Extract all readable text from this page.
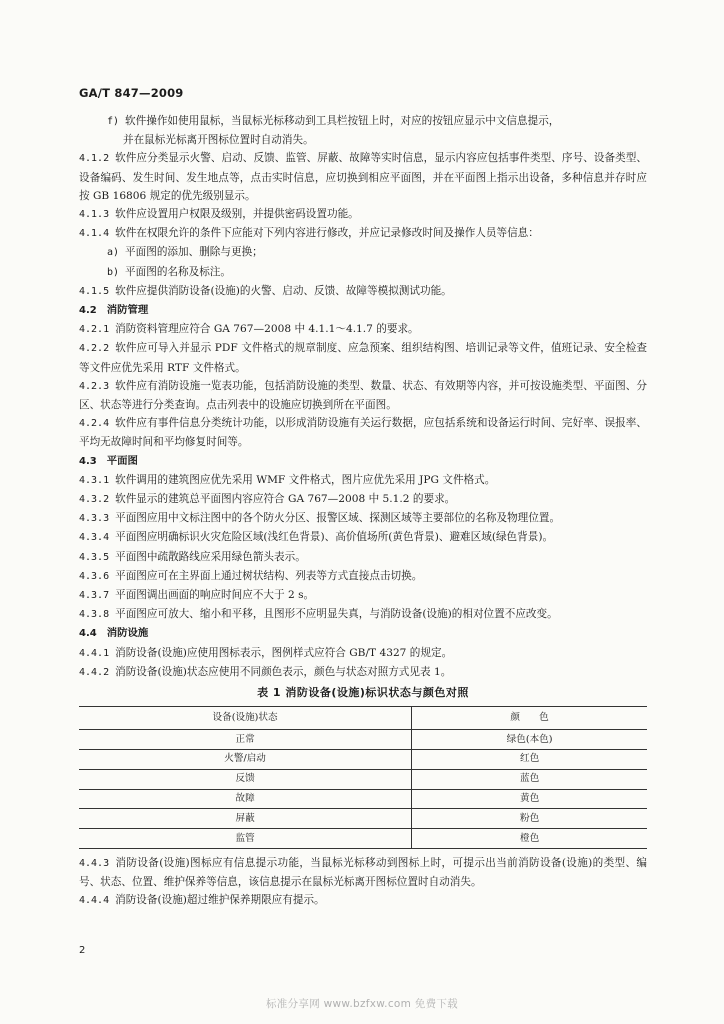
GA/T 847—2009
f) 软件操作如使用鼠标，当鼠标光标移动到工具栏按钮上时，对应的按钮应显示中文信息提示，
并在鼠标光标离开图标位置时自动消失。
4.1.2 软件应分类显示火警、启动、反馈、监管、屏蔽、故障等实时信息，显示内容应包括事件类型、序号、设备类型、设备编码、发生时间、发生地点等，点击实时信息，应切换到相应平面图，并在平面图上指示出设备，多种信息并存时应按 GB 16806 规定的优先级别显示。
4.1.3 软件应设置用户权限及级别，并提供密码设置功能。
4.1.4 软件在权限允许的条件下应能对下列内容进行修改，并应记录修改时间及操作人员等信息：
a) 平面图的添加、删除与更换；
b) 平面图的名称及标注。
4.1.5 软件应提供消防设备(设施)的火警、启动、反馈、故障等模拟测试功能。
4.2 消防管理
4.2.1 消防资料管理应符合 GA 767—2008 中 4.1.1～4.1.7 的要求。
4.2.2 软件应可导入并显示 PDF 文件格式的规章制度、应急预案、组织结构图、培训记录等文件，值班记录、安全检查等文件应优先采用 RTF 文件格式。
4.2.3 软件应有消防设施一览表功能，包括消防设施的类型、数量、状态、有效期等内容，并可按设施类型、平面图、分区、状态等进行分类查询。点击列表中的设施应切换到所在平面图。
4.2.4 软件应有事件信息分类统计功能，以形成消防设施有关运行数据，应包括系统和设备运行时间、完好率、误报率、平均无故障时间和平均修复时间等。
4.3 平面图
4.3.1 软件调用的建筑图应优先采用 WMF 文件格式，图片应优先采用 JPG 文件格式。
4.3.2 软件显示的建筑总平面图内容应符合 GA 767—2008 中 5.1.2 的要求。
4.3.3 平面图应用中文标注图中的各个防火分区、报警区域、探测区域等主要部位的名称及物理位置。
4.3.4 平面图应明确标识火灾危险区域(浅红色背景)、高价值场所(黄色背景)、避难区域(绿色背景)。
4.3.5 平面图中疏散路线应采用绿色箭头表示。
4.3.6 平面图应可在主界面上通过树状结构、列表等方式直接点击切换。
4.3.7 平面图调出画面的响应时间应不大于 2 s。
4.3.8 平面图应可放大、缩小和平移，且图形不应明显失真，与消防设备(设施)的相对位置不应改变。
4.4 消防设施
4.4.1 消防设备(设施)应使用图标表示，图例样式应符合 GB/T 4327 的规定。
4.4.2 消防设备(设施)状态应使用不同颜色表示，颜色与状态对照方式见表 1。
表 1 消防设备(设施)标识状态与颜色对照
设备(设施)状态	颜　　色
正常	绿色(本色)
火警/启动	红色
反馈	蓝色
故障	黄色
屏蔽	粉色
监管	橙色
4.4.3 消防设备(设施)图标应有信息提示功能，当鼠标光标移动到图标上时，可提示出当前消防设备(设施)的类型、编号、状态、位置、维护保养等信息，该信息提示在鼠标光标离开图标位置时自动消失。
4.4.4 消防设备(设施)超过维护保养期限应有提示。
2
标准分享网 www.bzfxw.com 免费下载
